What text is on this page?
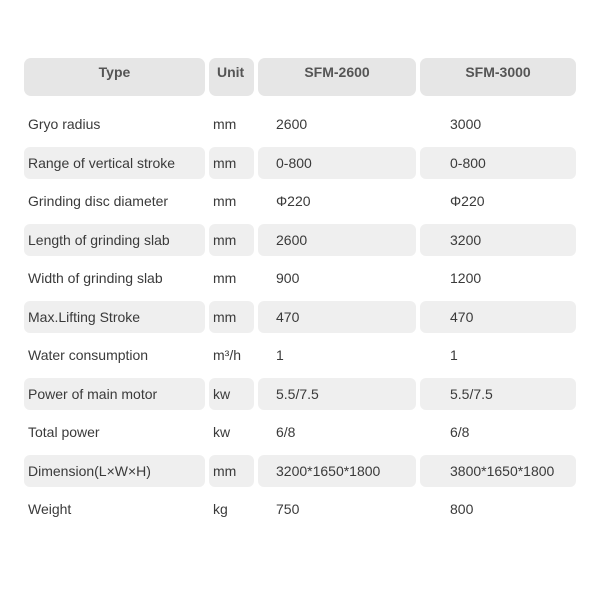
Type	Unit	SFM-2600	SFM-3000
Gryo radius	mm	2600	3000
Range of vertical stroke	mm	0-800	0-800
Grinding disc diameter	mm	Φ220	Φ220
Length of grinding slab	mm	2600	3200
Width of grinding slab	mm	900	1200
Max.Lifting Stroke	mm	470	470
Water consumption	m³/h	1	1
Power of main motor	kw	5.5/7.5	5.5/7.5
Total power	kw	6/8	6/8
Dimension(L×W×H)	mm	3200*1650*1800	3800*1650*1800
Weight	kg	750	800
